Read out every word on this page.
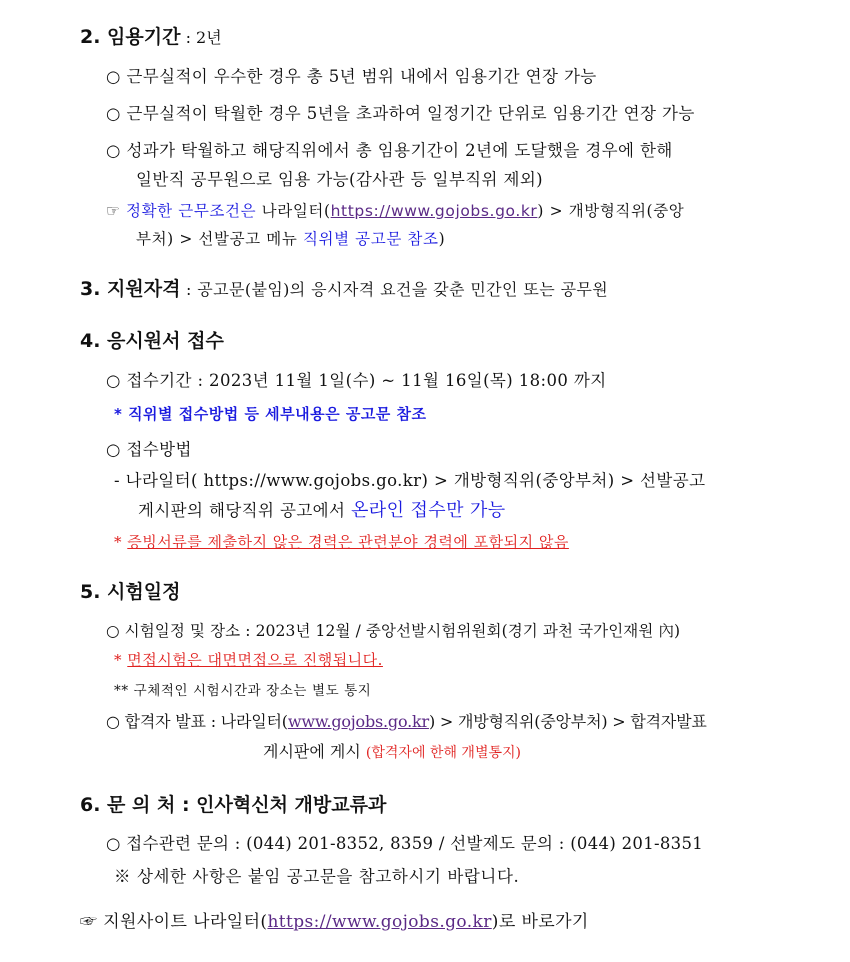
2. 임용기간 : 2년
○ 근무실적이 우수한 경우 총 5년 범위 내에서 임용기간 연장 가능
○ 근무실적이 탁월한 경우 5년을 초과하여 일정기간 단위로 임용기간 연장 가능
○ 성과가 탁월하고 해당직위에서 총 임용기간이 2년에 도달했을 경우에 한해
일반직 공무원으로 임용 가능(감사관 등 일부직위 제외)
☞ 정확한 근무조건은 나라일터(https://www.gojobs.go.kr) > 개방형직위(중앙
부처) > 선발공고 메뉴 직위별 공고문 참조)
3. 지원자격 : 공고문(붙임)의 응시자격 요건을 갖춘 민간인 또는 공무원
4. 응시원서 접수
○ 접수기간 : 2023년 11월 1일(수) ~ 11월 16일(목) 18:00 까지
* 직위별 접수방법 등 세부내용은 공고문 참조
○ 접수방법
- 나라일터( https://www.gojobs.go.kr) > 개방형직위(중앙부처) > 선발공고
게시판의 해당직위 공고에서 온라인 접수만 가능
* 증빙서류를 제출하지 않은 경력은 관련분야 경력에 포함되지 않음
5. 시험일정
○ 시험일정 및 장소 : 2023년 12월 / 중앙선발시험위원회(경기 과천 국가인재원 內)
* 면접시험은 대면면접으로 진행됩니다.
** 구체적인 시험시간과 장소는 별도 통지
○ 합격자 발표 : 나라일터(www.gojobs.go.kr) > 개방형직위(중앙부처) > 합격자발표
게시판에 게시 (합격자에 한해 개별통지)
6. 문 의 처 : 인사혁신처 개방교류과
○ 접수관련 문의 : (044) 201-8352, 8359 / 선발제도 문의 : (044) 201-8351
※ 상세한 사항은 붙임 공고문을 참고하시기 바랍니다.
☞ 지원사이트 나라일터(https://www.gojobs.go.kr)로 바로가기
